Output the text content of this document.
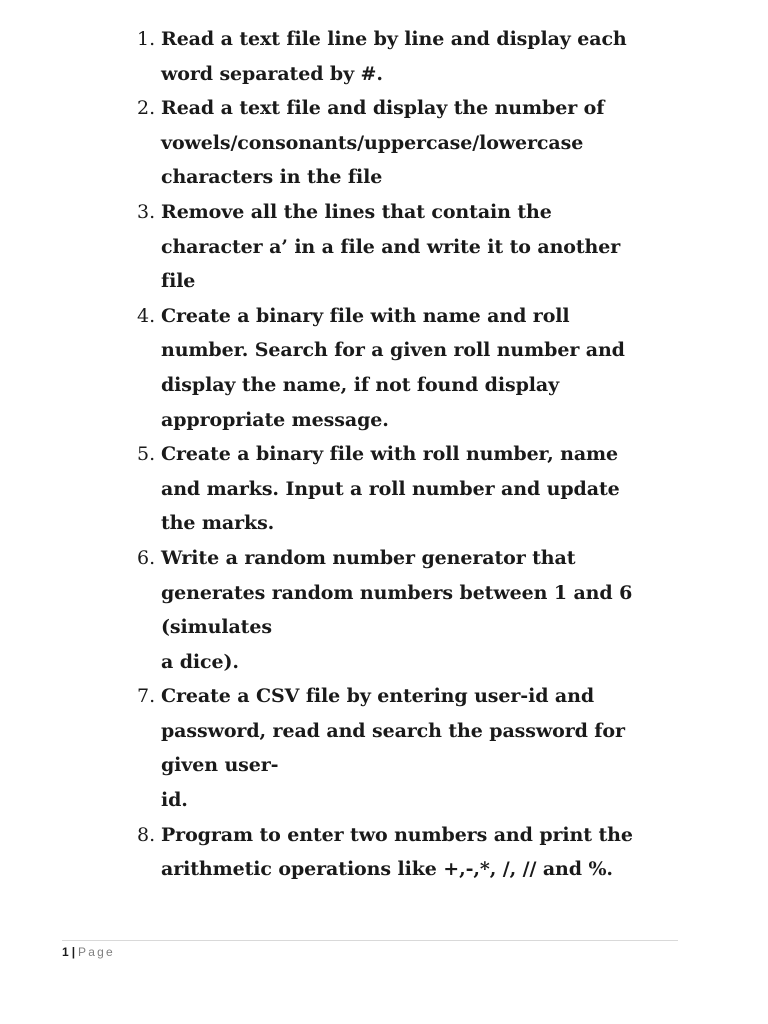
1. Read a text file line by line and display each
word separated by #.
2. Read a text file and display the number of
vowels/consonants/uppercase/lowercase
characters in the file
3. Remove all the lines that contain the
character a’ in a file and write it to another
file
4. Create a binary file with name and roll
number. Search for a given roll number and
display the name, if not found display
appropriate message.
5. Create a binary file with roll number, name
and marks. Input a roll number and update
the marks.
6. Write a random number generator that
generates random numbers between 1 and 6
(simulates
a dice).
7. Create a CSV file by entering user-id and
password, read and search the password for
given user-
id.
8. Program to enter two numbers and print the
arithmetic operations like +,-,*, /, // and %.
1 | Page
